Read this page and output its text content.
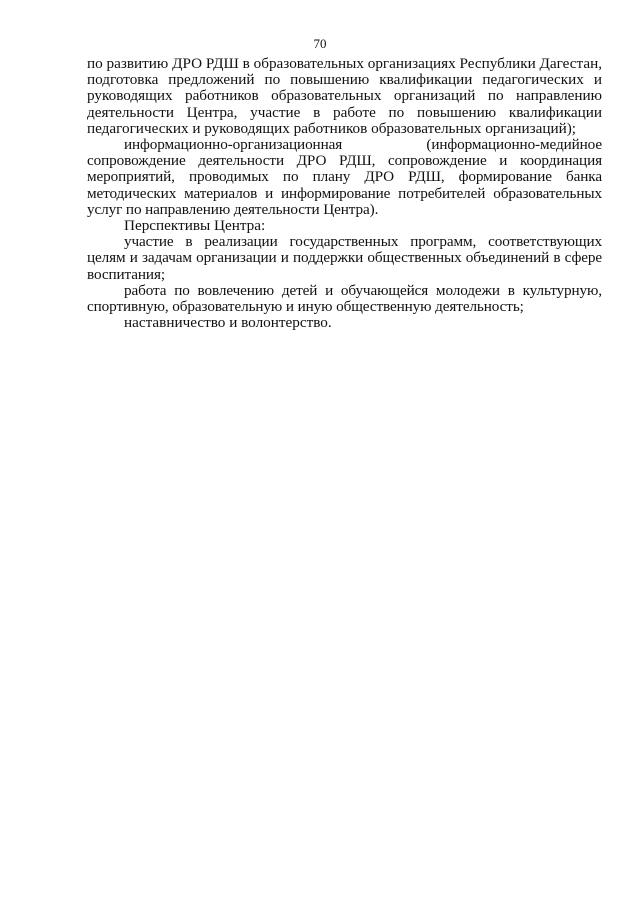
70

по развитию ДРО РДШ в образовательных организациях Республики Дагестан, подготовка предложений по повышению квалификации педагогических и руководящих работников образовательных организаций по направлению деятельности Центра, участие в работе по повышению квалификации педагогических и руководящих работников образовательных организаций);

информационно-организационная (информационно-медийное сопровождение деятельности ДРО РДШ, сопровождение и координация мероприятий, проводимых по плану ДРО РДШ, формирование банка методических материалов и информирование потребителей образовательных услуг по направлению деятельности Центра).

Перспективы Центра:

участие в реализации государственных программ, соответствующих целям и задачам организации и поддержки общественных объединений в сфере воспитания;

работа по вовлечению детей и обучающейся молодежи в культурную, спортивную, образовательную и иную общественную деятельность;

наставничество и волонтерство.
